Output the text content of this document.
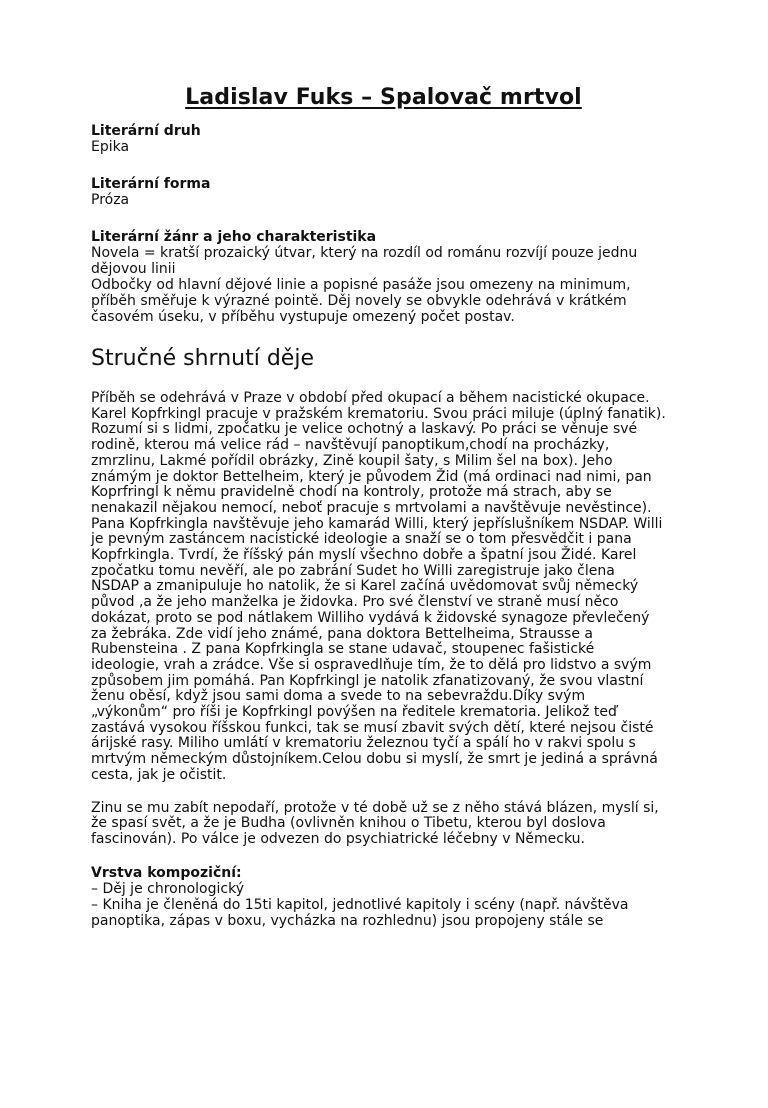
Ladislav Fuks – Spalovač mrtvol
Literární druh
Epika
Literární forma
Próza
Literární žánr a jeho charakteristika
Novela = kratší prozaický útvar, který na rozdíl od románu rozvíjí pouze jednu
dějovou linii
Odbočky od hlavní dějové linie a popisné pasáže jsou omezeny na minimum,
příběh směřuje k výrazné pointě. Děj novely se obvykle odehrává v krátkém
časovém úseku, v příběhu vystupuje omezený počet postav.
Stručné shrnutí děje

Příběh se odehrává v Praze v období před okupací a během nacistické okupace.
Karel Kopfrkingl pracuje v pražském krematoriu. Svou práci miluje (úplný fanatik).
Rozumí si s lidmi, zpočatku je velice ochotný a laskavý. Po práci se věnuje své
rodině, kterou má velice rád – navštěvují panoptikum,chodí na procházky,
zmrzlinu, Lakmé pořídil obrázky, Zině koupil šaty, s Milim šel na box). Jeho
známým je doktor Bettelheim, který je původem Žid (má ordinaci nad nimi, pan
Koprfringl k němu pravidelně chodí na kontroly, protože má strach, aby se
nenakazil nějakou nemocí, neboť pracuje s mrtvolami a navštěvuje nevěstince).
Pana Kopfrkingla navštěvuje jeho kamarád Willi, který jepříslušníkem NSDAP. Willi
je pevným zastáncem nacistické ideologie a snaží se o tom přesvědčit i pana
Kopfrkingla. Tvrdí, že říšský pán myslí všechno dobře a špatní jsou Židé. Karel
zpočatku tomu nevěří, ale po zabrání Sudet ho Willi zaregistruje jako člena
NSDAP a zmanipuluje ho natolik, že si Karel začíná uvědomovat svůj německý
původ ,a že jeho manželka je židovka. Pro své členství ve straně musí něco
dokázat, proto se pod nátlakem Williho vydává k židovské synagoze převlečený
za žebráka. Zde vidí jeho známé, pana doktora Bettelheima, Strausse a
Rubensteina . Z pana Kopfrkingla se stane udavač, stoupenec fašistické
ideologie, vrah a zrádce. Vše si ospravedlňuje tím, že to dělá pro lidstvo a svým
způsobem jim pomáhá. Pan Kopfrkingl je natolik zfanatizovaný, že svou vlastní
ženu oběsí, když jsou sami doma a svede to na sebevraždu.Díky svým
„výkonům“ pro říši je Kopfrkingl povýšen na ředitele krematoria. Jelikož teď
zastává vysokou říšskou funkci, tak se musí zbavit svých dětí, které nejsou čisté
árijské rasy. Miliho umlátí v krematoriu železnou tyčí a spálí ho v rakvi spolu s
mrtvým německým důstojníkem.Celou dobu si myslí, že smrt je jediná a správná
cesta, jak je očistit.

Zinu se mu zabít nepodaří, protože v té době už se z něho stává blázen, myslí si,
že spasí svět, a že je Budha (ovlivněn knihou o Tibetu, kterou byl doslova
fascinován). Po válce je odvezen do psychiatrické léčebny v Německu.

Vrstva kompoziční:
– Děj je chronologický
– Kniha je členěná do 15ti kapitol, jednotlivé kapitoly i scény (např. návštěva
panoptika, zápas v boxu, vycházka na rozhlednu) jsou propojeny stále se
